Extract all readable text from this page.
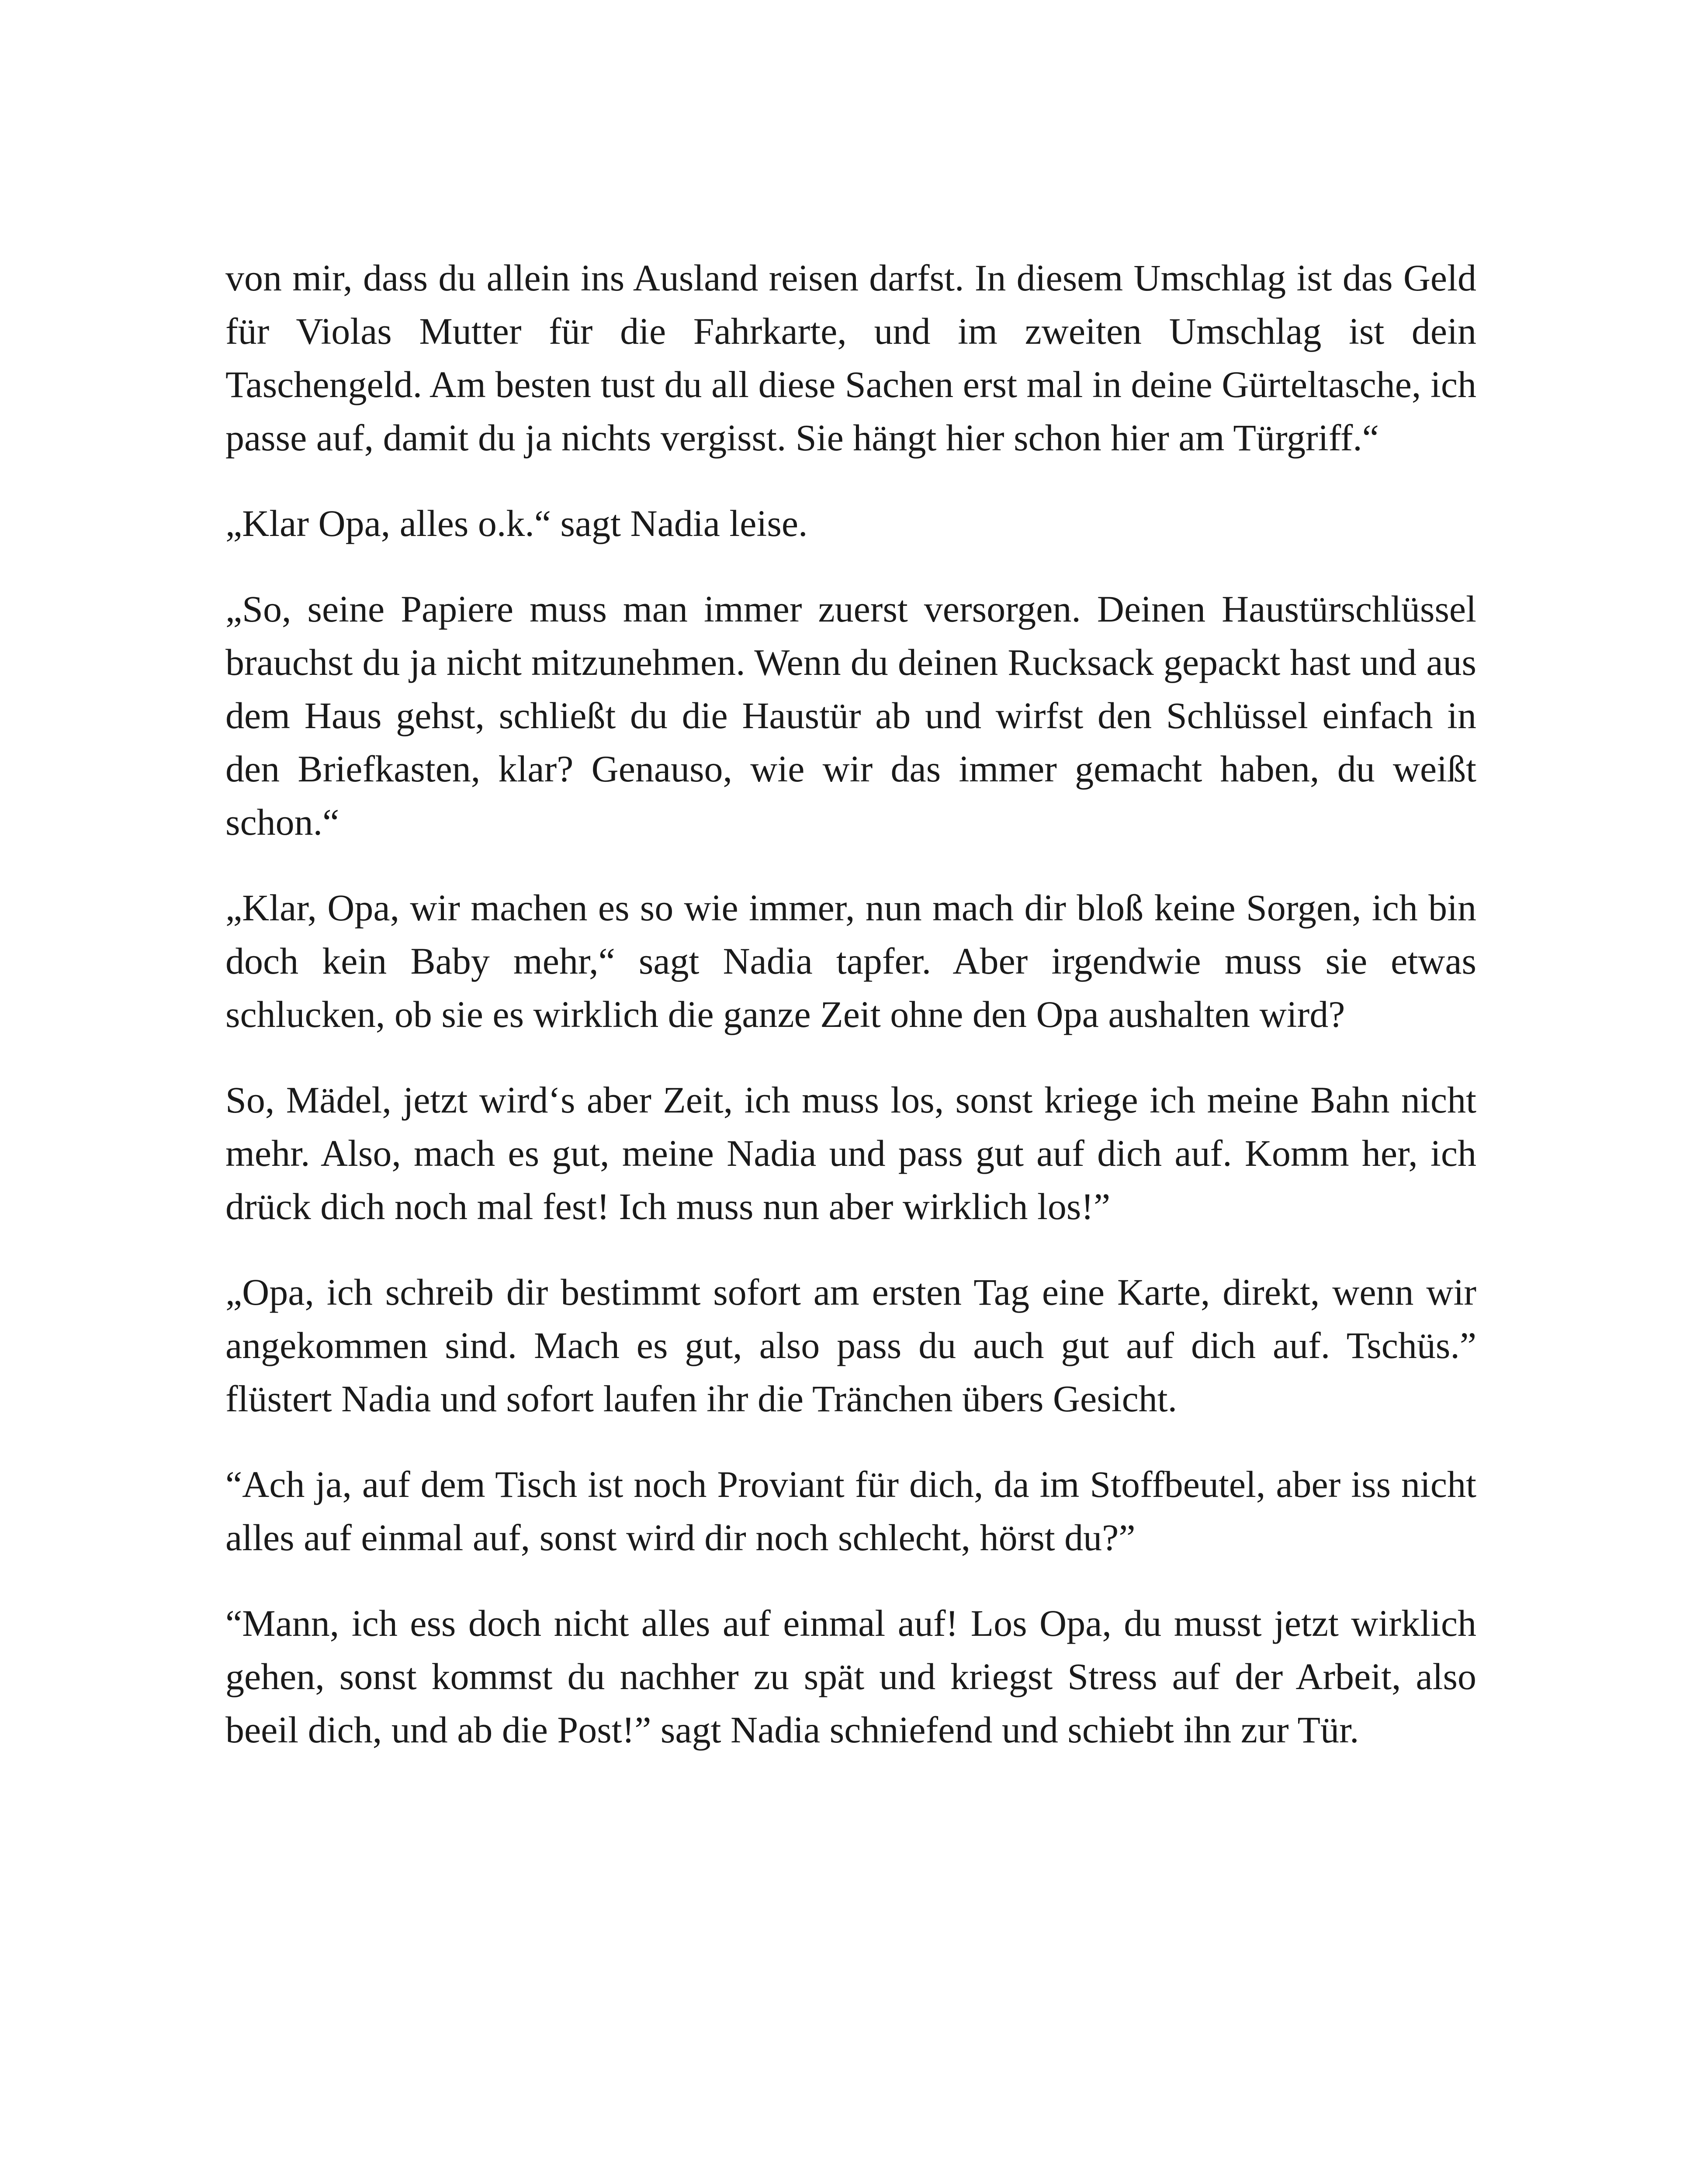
von mir, dass du allein ins Ausland reisen darfst. In diesem Umschlag ist das Geld für Violas Mutter für die Fahrkarte, und im zweiten Umschlag ist dein Taschengeld. Am besten tust du all diese Sachen erst mal in deine Gürteltasche, ich passe auf, damit du ja nichts vergisst. Sie hängt hier schon hier am Türgriff.“

„Klar Opa, alles o.k.“ sagt Nadia leise.

„So, seine Papiere muss man immer zuerst versorgen. Deinen Haustürschlüssel brauchst du ja nicht mitzunehmen. Wenn du deinen Rucksack gepackt hast und aus dem Haus gehst, schließt du die Haustür ab und wirfst den Schlüssel einfach in den Briefkasten, klar? Genauso, wie wir das immer gemacht haben, du weißt schon.“

„Klar, Opa, wir machen es so wie immer, nun mach dir bloß keine Sorgen, ich bin doch kein Baby mehr,“ sagt Nadia tapfer. Aber irgendwie muss sie etwas schlucken, ob sie es wirklich die ganze Zeit ohne den Opa aushalten wird?

So, Mädel, jetzt wird‘s aber Zeit, ich muss los, sonst kriege ich meine Bahn nicht mehr. Also, mach es gut, meine Nadia und pass gut auf dich auf. Komm her, ich drück dich noch mal fest! Ich muss nun aber wirklich los!”

„Opa, ich schreib dir bestimmt sofort am ersten Tag eine Karte, direkt, wenn wir angekommen sind. Mach es gut, also pass du auch gut auf dich auf. Tschüs.” flüstert Nadia und sofort laufen ihr die Tränchen übers Gesicht.

“Ach ja, auf dem Tisch ist noch Proviant für dich, da im Stoffbeutel, aber iss nicht alles auf einmal auf, sonst wird dir noch schlecht, hörst du?”

“Mann, ich ess doch nicht alles auf einmal auf! Los Opa, du musst jetzt wirklich gehen, sonst kommst du nachher zu spät und kriegst Stress auf der Arbeit, also beeil dich, und ab die Post!” sagt Nadia schniefend und schiebt ihn zur Tür.
